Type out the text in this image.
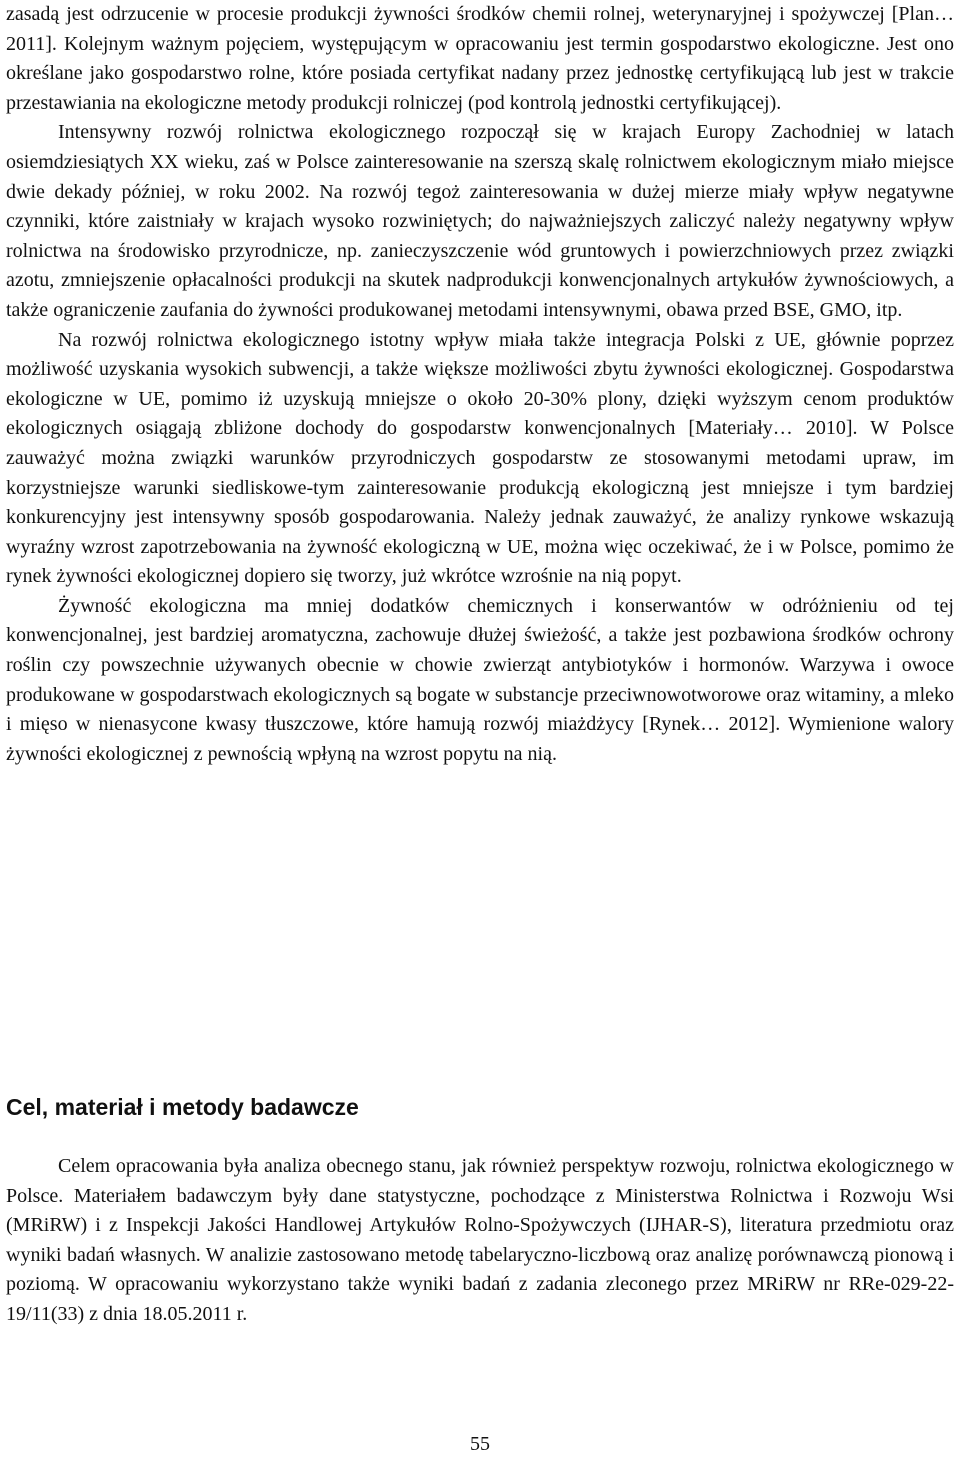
zasadą jest odrzucenie w procesie produkcji żywności środków chemii rolnej, weterynaryjnej i spożywczej [Plan… 2011]. Kolejnym ważnym pojęciem, występującym w opracowaniu jest termin gospodarstwo ekologiczne. Jest ono określane jako gospodarstwo rolne, które posiada certyfikat nadany przez jednostkę certyfikującą lub jest w trakcie przestawiania na ekologiczne metody produkcji rolniczej (pod kontrolą jednostki certyfikującej).

Intensywny rozwój rolnictwa ekologicznego rozpoczął się w krajach Europy Zachodniej w latach osiemdziesiątych XX wieku, zaś w Polsce zainteresowanie na szerszą skalę rolnictwem ekologicznym miało miejsce dwie dekady później, w roku 2002. Na rozwój tegoż zainteresowania w dużej mierze miały wpływ negatywne czynniki, które zaistniały w krajach wysoko rozwiniętych; do najważniejszych zaliczyć należy negatywny wpływ rolnictwa na środowisko przyrodnicze, np. zanieczyszczenie wód gruntowych i powierzchniowych przez związki azotu, zmniejszenie opłacalności produkcji na skutek nadprodukcji konwencjonalnych artykułów żywnościowych, a także ograniczenie zaufania do żywności produkowanej metodami intensywnymi, obawa przed BSE, GMO, itp.

Na rozwój rolnictwa ekologicznego istotny wpływ miała także integracja Polski z UE, głównie poprzez możliwość uzyskania wysokich subwencji, a także większe możliwości zbytu żywności ekologicznej. Gospodarstwa ekologiczne w UE, pomimo iż uzyskują mniejsze o około 20-30% plony, dzięki wyższym cenom produktów ekologicznych osiągają zbliżone dochody do gospodarstw konwencjonalnych [Materiały… 2010]. W Polsce zauważyć można związki warunków przyrodniczych gospodarstw ze stosowanymi metodami upraw, im korzystniejsze warunki siedliskowe-tym zainteresowanie produkcją ekologiczną jest mniejsze i tym bardziej konkurencyjny jest intensywny sposób gospodarowania. Należy jednak zauważyć, że analizy rynkowe wskazują wyraźny wzrost zapotrzebowania na żywność ekologiczną w UE, można więc oczekiwać, że i w Polsce, pomimo że rynek żywności ekologicznej dopiero się tworzy, już wkrótce wzrośnie na nią popyt.

Żywność ekologiczna ma mniej dodatków chemicznych i konserwantów w odróżnieniu od tej konwencjonalnej, jest bardziej aromatyczna, zachowuje dłużej świeżość, a także jest pozbawiona środków ochrony roślin czy powszechnie używanych obecnie w chowie zwierząt antybiotyków i hormonów. Warzywa i owoce produkowane w gospodarstwach ekologicznych są bogate w substancje przeciwnowotworowe oraz witaminy, a mleko i mięso w nienasycone kwasy tłuszczowe, które hamują rozwój miażdżycy [Rynek… 2012]. Wymienione walory żywności ekologicznej z pewnością wpłyną na wzrost popytu na nią.

Cel, materiał i metody badawcze

Celem opracowania była analiza obecnego stanu, jak również perspektyw rozwoju, rolnictwa ekologicznego w Polsce. Materiałem badawczym były dane statystyczne, pochodzące z Ministerstwa Rolnictwa i Rozwoju Wsi (MRiRW) i z Inspekcji Jakości Handlowej Artykułów Rolno-Spożywczych (IJHAR-S), literatura przedmiotu oraz wyniki badań własnych. W analizie zastosowano metodę tabelaryczno-liczbową oraz analizę porównawczą pionową i poziomą. W opracowaniu wykorzystano także wyniki badań z zadania zleconego przez MRiRW nr RRe-029-22-19/11(33) z dnia 18.05.2011 r.

55
